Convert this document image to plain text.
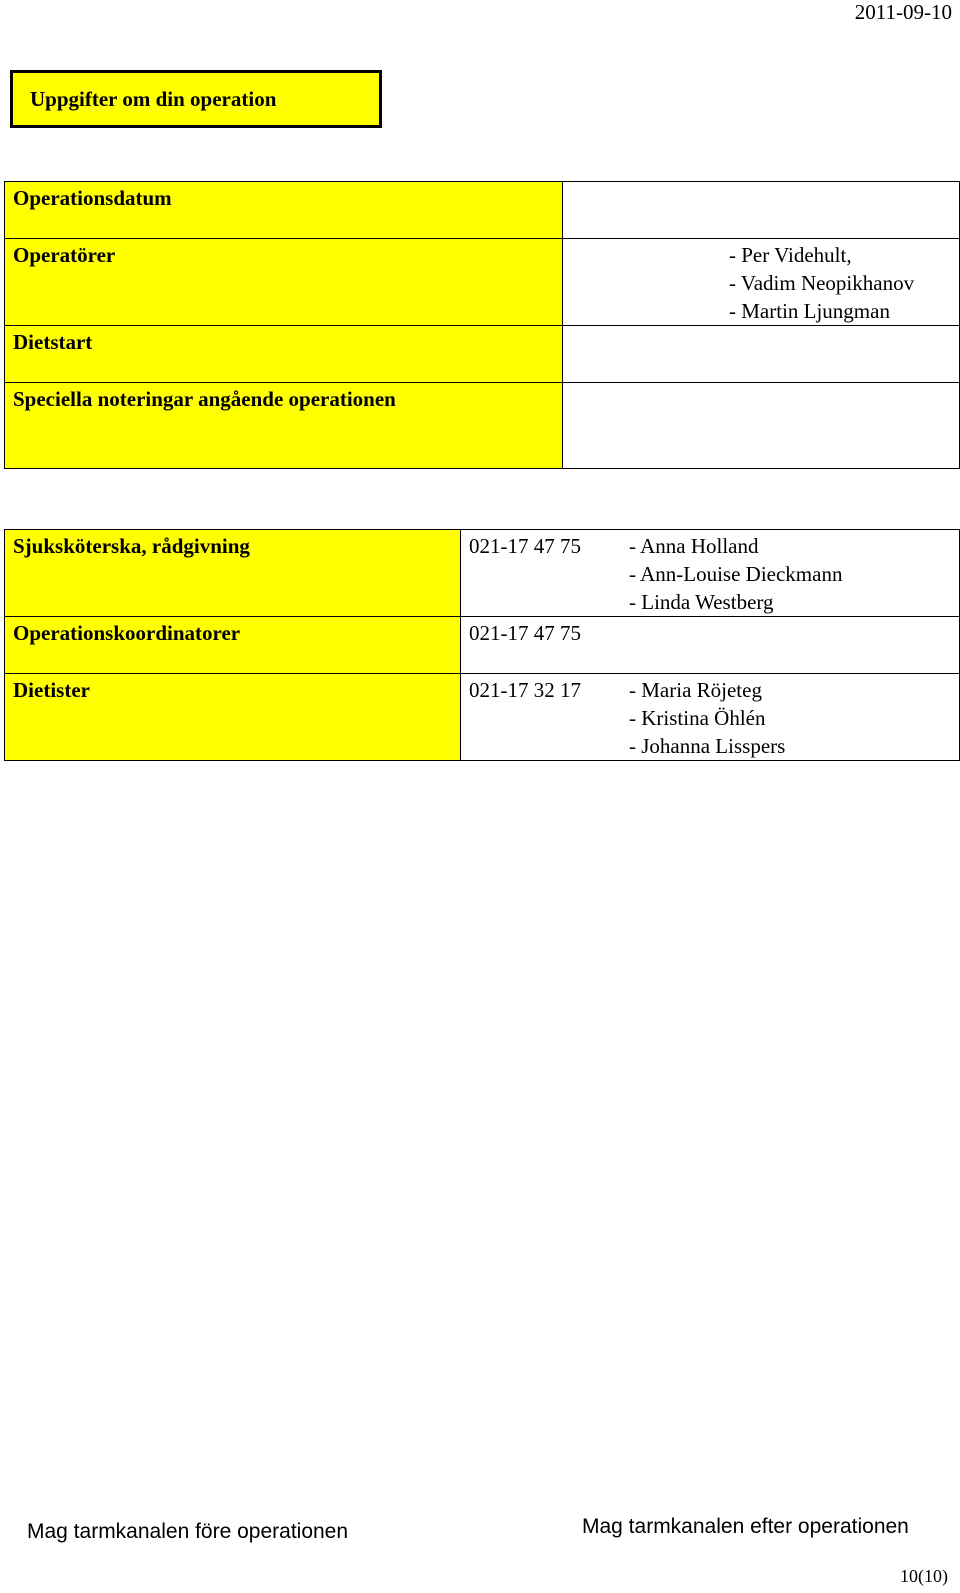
2011-09-10
Uppgifter om din operation
Operationsdatum	
Operatörer	- Per Videhult,
- Vadim Neopikhanov
- Martin Ljungman

Dietstart	
Speciella noteringar angående operationen	
Sjuksköterska, rådgivning	021-17 47 75	- Anna Holland
- Ann-Louise Dieckmann
- Linda Westberg

Operationskoordinatorer	021-17 47 75	
Dietister	021-17 32 17	- Maria Röjeteg
- Kristina Öhlén
- Johanna Lisspers
Mag tarmkanalen före operationen	Mag tarmkanalen efter operationen
10(10)
